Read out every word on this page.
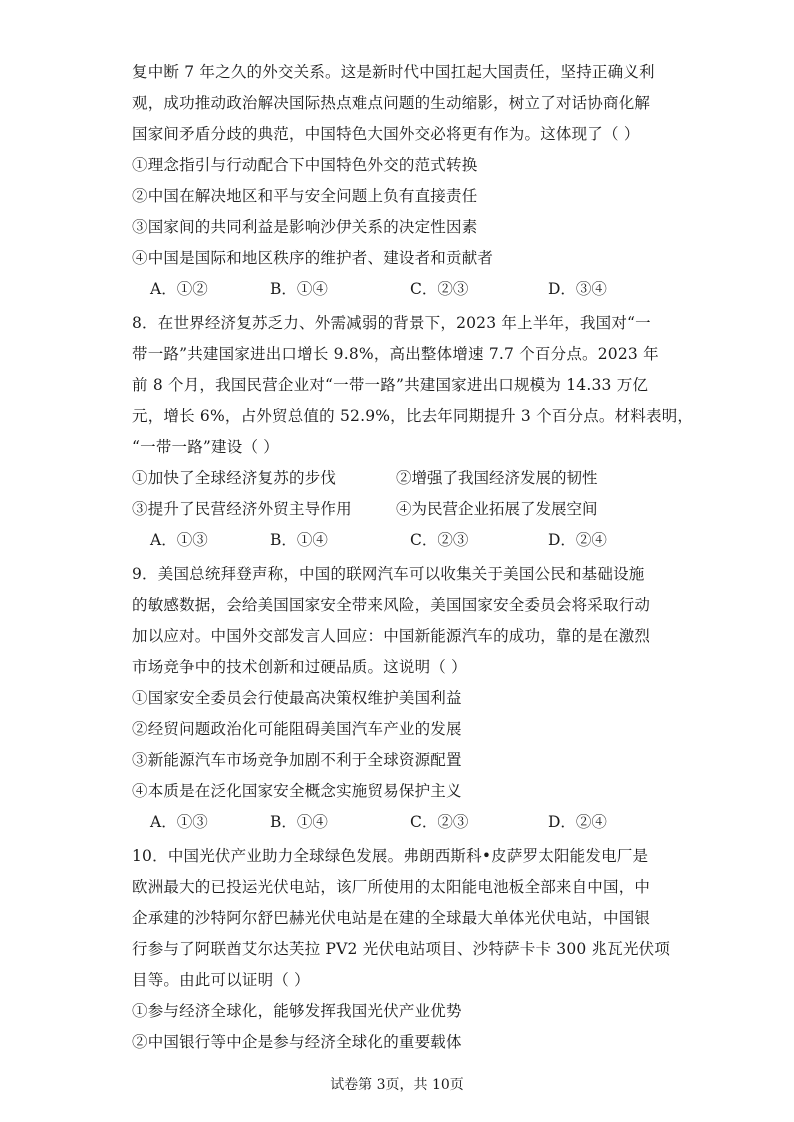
复中断 7 年之久的外交关系。这是新时代中国扛起大国责任，坚持正确义利
观，成功推动政治解决国际热点难点问题的生动缩影，树立了对话协商化解
国家间矛盾分歧的典范，中国特色大国外交必将更有作为。这体现了（ ）
①理念指引与行动配合下中国特色外交的范式转换
②中国在解决地区和平与安全问题上负有直接责任
③国家间的共同利益是影响沙伊关系的决定性因素
④中国是国际和地区秩序的维护者、建设者和贡献者
A．①②	B．①④	C．②③	D．③④
8．在世界经济复苏乏力、外需减弱的背景下，2023 年上半年，我国对“一
带一路”共建国家进出口增长 9.8%，高出整体增速 7.7 个百分点。2023 年
前 8 个月，我国民营企业对“一带一路”共建国家进出口规模为 14.33 万亿
元，增长 6%，占外贸总值的 52.9%，比去年同期提升 3 个百分点。材料表明，
“一带一路”建设（ ）
①加快了全球经济复苏的步伐	②增强了我国经济发展的韧性
③提升了民营经济外贸主导作用	④为民营企业拓展了发展空间
A．①③	B．①④	C．②③	D．②④
9．美国总统拜登声称，中国的联网汽车可以收集关于美国公民和基础设施
的敏感数据，会给美国国家安全带来风险，美国国家安全委员会将采取行动
加以应对。中国外交部发言人回应：中国新能源汽车的成功，靠的是在激烈
市场竞争中的技术创新和过硬品质。这说明（ ）
①国家安全委员会行使最高决策权维护美国利益
②经贸问题政治化可能阻碍美国汽车产业的发展
③新能源汽车市场竞争加剧不利于全球资源配置
④本质是在泛化国家安全概念实施贸易保护主义
A．①③	B．①④	C．②③	D．②④
10．中国光伏产业助力全球绿色发展。弗朗西斯科•皮萨罗太阳能发电厂是
欧洲最大的已投运光伏电站，该厂所使用的太阳能电池板全部来自中国，中
企承建的沙特阿尔舒巴赫光伏电站是在建的全球最大单体光伏电站，中国银
行参与了阿联酋艾尔达芙拉 PV2 光伏电站项目、沙特萨卡卡 300 兆瓦光伏项
目等。由此可以证明（ ）
①参与经济全球化，能够发挥我国光伏产业优势
②中国银行等中企是参与经济全球化的重要载体
试卷第 3页，共 10页
